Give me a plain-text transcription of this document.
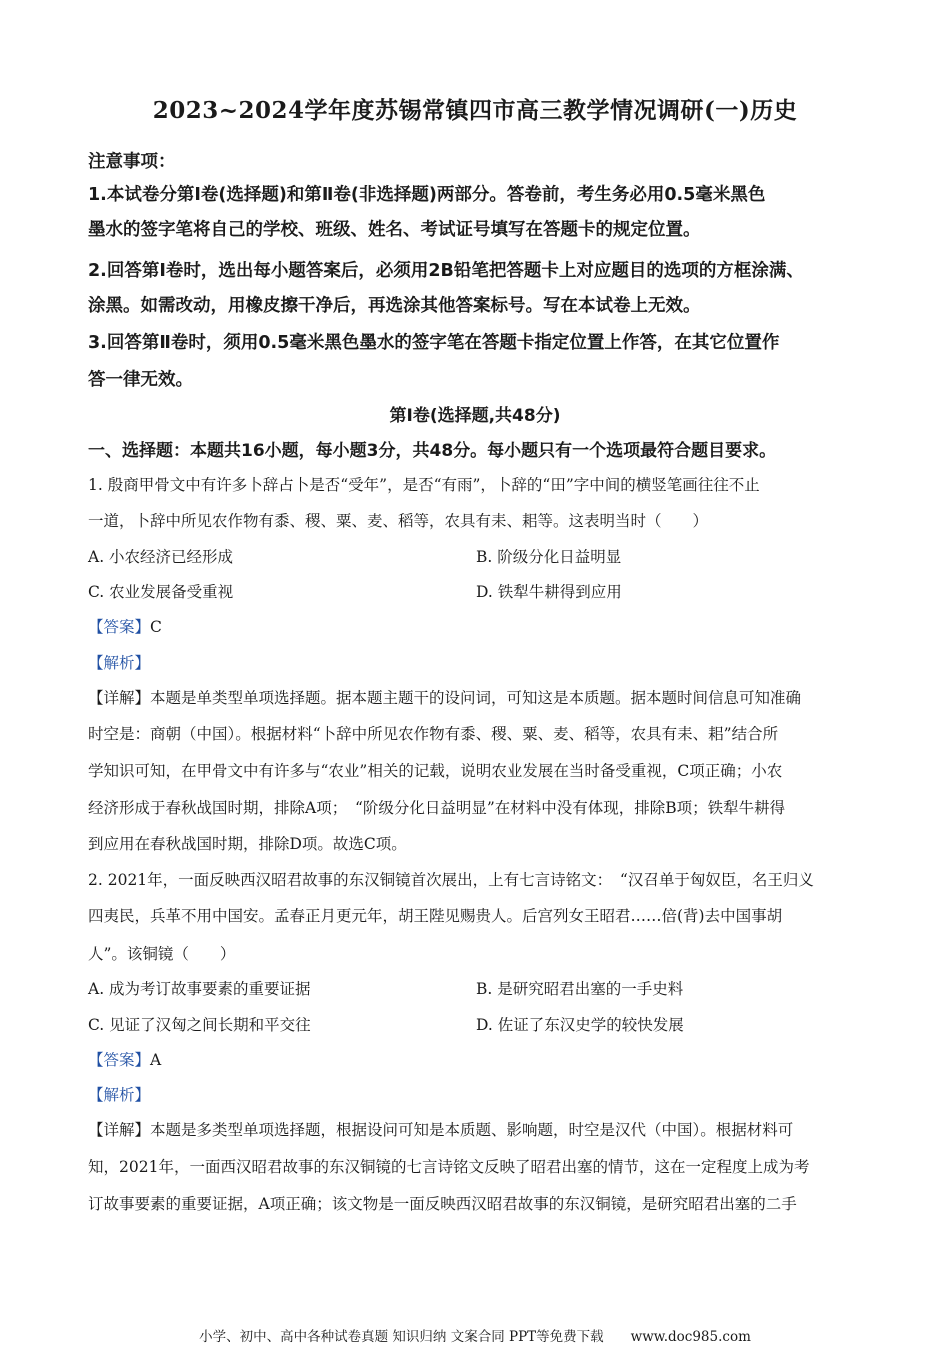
2023~2024学年度苏锡常镇四市高三教学情况调研(一)历史
注意事项：
1.本试卷分第Ⅰ卷(选择题)和第Ⅱ卷(非选择题)两部分。答卷前，考生务必用0.5毫米黑色
墨水的签字笔将自己的学校、班级、姓名、考试证号填写在答题卡的规定位置。
2.回答第Ⅰ卷时，选出每小题答案后，必须用2B铅笔把答题卡上对应题目的选项的方框涂满、
涂黑。如需改动，用橡皮擦干净后，再选涂其他答案标号。写在本试卷上无效。
3.回答第Ⅱ卷时，须用0.5毫米黑色墨水的签字笔在答题卡指定位置上作答，在其它位置作
答一律无效。
第Ⅰ卷(选择题,共48分)
一、选择题：本题共16小题，每小题3分，共48分。每小题只有一个选项最符合题目要求。
1. 殷商甲骨文中有许多卜辞占卜是否“受年”，是否“有雨”，卜辞的“田”字中间的横竖笔画往往不止
一道，卜辞中所见农作物有黍、稷、粟、麦、稻等，农具有耒、耜等。这表明当时（　　）
A. 小农经济已经形成	B. 阶级分化日益明显
C. 农业发展备受重视	D. 铁犁牛耕得到应用
【答案】C
【解析】
【详解】本题是单类型单项选择题。据本题主题干的设问词，可知这是本质题。据本题时间信息可知准确
时空是：商朝（中国）。根据材料“卜辞中所见农作物有黍、稷、粟、麦、稻等，农具有耒、耜”结合所
学知识可知，在甲骨文中有许多与“农业”相关的记载，说明农业发展在当时备受重视，C项正确；小农
经济形成于春秋战国时期，排除A项；　“阶级分化日益明显”在材料中没有体现，排除B项；铁犁牛耕得
到应用在春秋战国时期，排除D项。故选C项。
2. 2021年，一面反映西汉昭君故事的东汉铜镜首次展出，上有七言诗铭文：　“汉召单于匈奴臣，名王归义
四夷民，兵革不用中国安。孟春正月更元年，胡王陛见赐贵人。后宫列女王昭君……倍(背)去中国事胡
人”。该铜镜（　　）
A. 成为考订故事要素的重要证据	B. 是研究昭君出塞的一手史料
C. 见证了汉匈之间长期和平交往	D. 佐证了东汉史学的较快发展
【答案】A
【解析】
【详解】本题是多类型单项选择题，根据设问可知是本质题、影响题，时空是汉代（中国）。根据材料可
知，2021年，一面西汉昭君故事的东汉铜镜的七言诗铭文反映了昭君出塞的情节，这在一定程度上成为考
订故事要素的重要证据，A项正确；该文物是一面反映西汉昭君故事的东汉铜镜，是研究昭君出塞的二手
小学、初中、高中各种试卷真题 知识归纳 文案合同 PPT等免费下载　　www.doc985.com
